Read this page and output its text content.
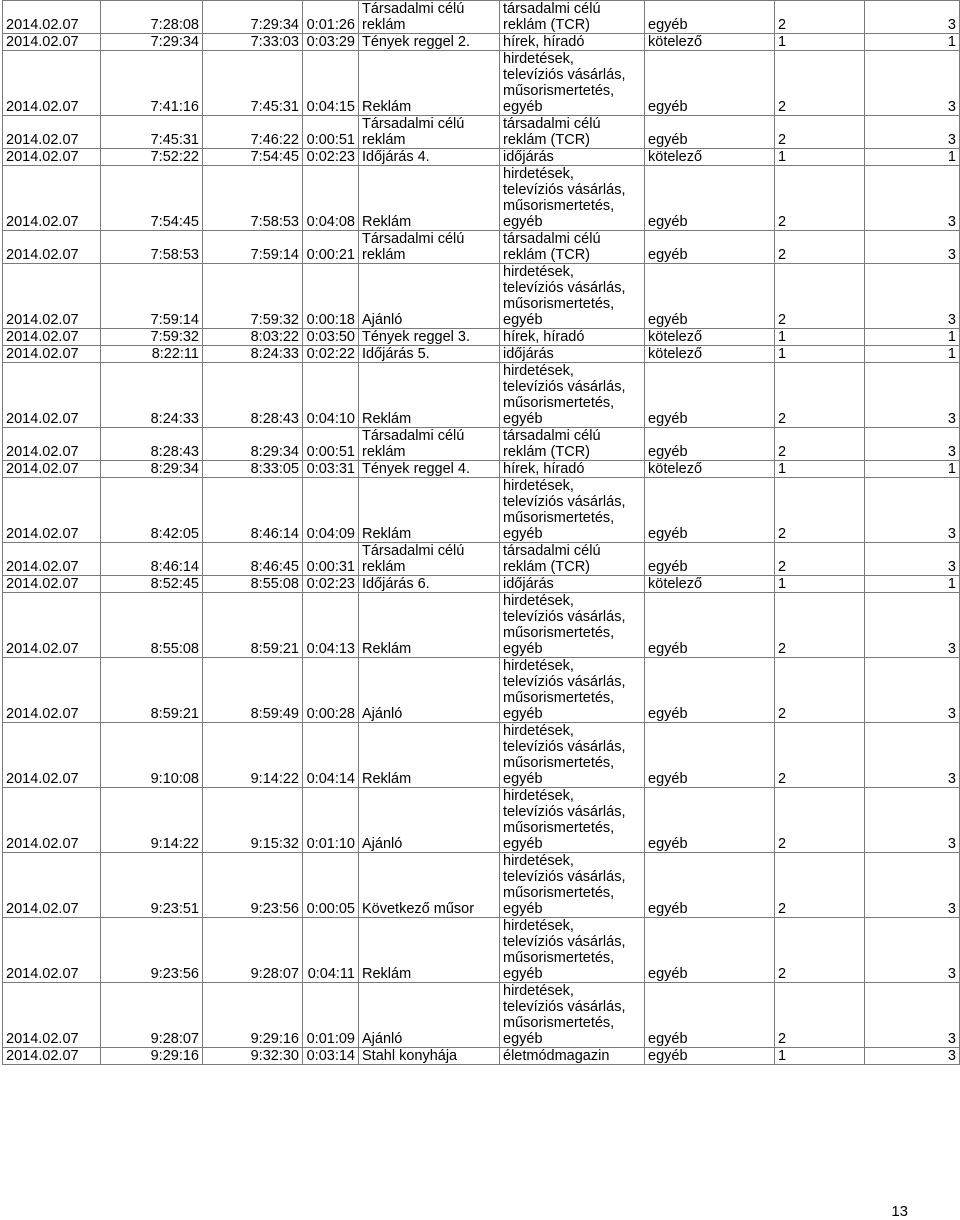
2014.02.07	7:28:08	7:29:34	0:01:26	Társadalmi célú
reklám	társadalmi célú
reklám (TCR)	egyéb	2	3
2014.02.07	7:29:34	7:33:03	0:03:29	Tények reggel 2.	hírek, híradó	kötelező	1	1
2014.02.07	7:41:16	7:45:31	0:04:15	Reklám	hirdetések,
televíziós vásárlás,
műsorismertetés,
egyéb	egyéb	2	3
2014.02.07	7:45:31	7:46:22	0:00:51	Társadalmi célú
reklám	társadalmi célú
reklám (TCR)	egyéb	2	3
2014.02.07	7:52:22	7:54:45	0:02:23	Időjárás 4.	időjárás	kötelező	1	1
2014.02.07	7:54:45	7:58:53	0:04:08	Reklám	hirdetések,
televíziós vásárlás,
műsorismertetés,
egyéb	egyéb	2	3
2014.02.07	7:58:53	7:59:14	0:00:21	Társadalmi célú
reklám	társadalmi célú
reklám (TCR)	egyéb	2	3
2014.02.07	7:59:14	7:59:32	0:00:18	Ajánló	hirdetések,
televíziós vásárlás,
műsorismertetés,
egyéb	egyéb	2	3
2014.02.07	7:59:32	8:03:22	0:03:50	Tények reggel 3.	hírek, híradó	kötelező	1	1
2014.02.07	8:22:11	8:24:33	0:02:22	Időjárás 5.	időjárás	kötelező	1	1
2014.02.07	8:24:33	8:28:43	0:04:10	Reklám	hirdetések,
televíziós vásárlás,
műsorismertetés,
egyéb	egyéb	2	3
2014.02.07	8:28:43	8:29:34	0:00:51	Társadalmi célú
reklám	társadalmi célú
reklám (TCR)	egyéb	2	3
2014.02.07	8:29:34	8:33:05	0:03:31	Tények reggel 4.	hírek, híradó	kötelező	1	1
2014.02.07	8:42:05	8:46:14	0:04:09	Reklám	hirdetések,
televíziós vásárlás,
műsorismertetés,
egyéb	egyéb	2	3
2014.02.07	8:46:14	8:46:45	0:00:31	Társadalmi célú
reklám	társadalmi célú
reklám (TCR)	egyéb	2	3
2014.02.07	8:52:45	8:55:08	0:02:23	Időjárás 6.	időjárás	kötelező	1	1
2014.02.07	8:55:08	8:59:21	0:04:13	Reklám	hirdetések,
televíziós vásárlás,
műsorismertetés,
egyéb	egyéb	2	3
2014.02.07	8:59:21	8:59:49	0:00:28	Ajánló	hirdetések,
televíziós vásárlás,
műsorismertetés,
egyéb	egyéb	2	3
2014.02.07	9:10:08	9:14:22	0:04:14	Reklám	hirdetések,
televíziós vásárlás,
műsorismertetés,
egyéb	egyéb	2	3
2014.02.07	9:14:22	9:15:32	0:01:10	Ajánló	hirdetések,
televíziós vásárlás,
műsorismertetés,
egyéb	egyéb	2	3
2014.02.07	9:23:51	9:23:56	0:00:05	Következő műsor	hirdetések,
televíziós vásárlás,
műsorismertetés,
egyéb	egyéb	2	3
2014.02.07	9:23:56	9:28:07	0:04:11	Reklám	hirdetések,
televíziós vásárlás,
műsorismertetés,
egyéb	egyéb	2	3
2014.02.07	9:28:07	9:29:16	0:01:09	Ajánló	hirdetések,
televíziós vásárlás,
műsorismertetés,
egyéb	egyéb	2	3
2014.02.07	9:29:16	9:32:30	0:03:14	Stahl konyhája	életmódmagazin	egyéb	1	3
13
